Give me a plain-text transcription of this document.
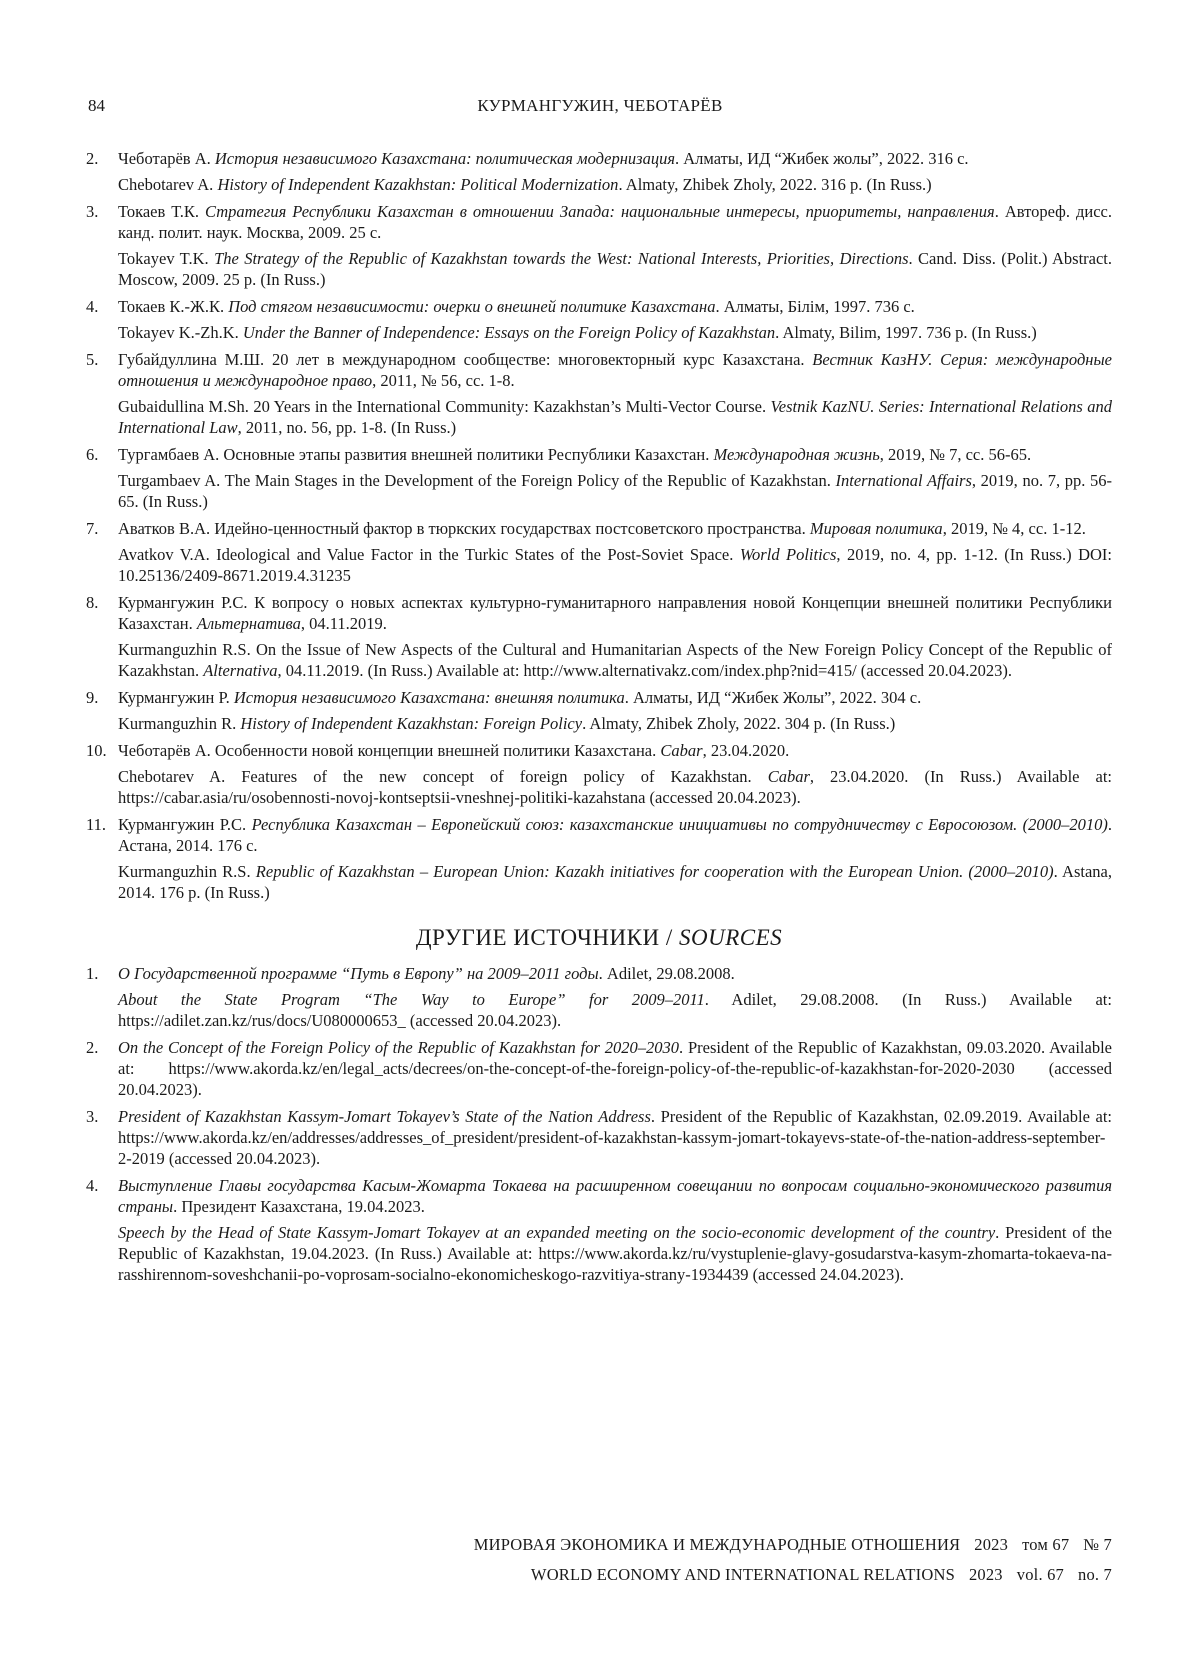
84	КУРМАНГУЖИН, ЧЕБОТАРЁВ
2. Чеботарёв А. История независимого Казахстана: политическая модернизация. Алматы, ИД “Жибек жолы”, 2022. 316 с.

Chebotarev A. History of Independent Kazakhstan: Political Modernization. Almaty, Zhibek Zholy, 2022. 316 p. (In Russ.)

3. Токаев Т.К. Стратегия Республики Казахстан в отношении Запада: национальные интересы, приоритеты, направления. Автореф. дисс. канд. полит. наук. Москва, 2009. 25 с.

Tokayev T.K. The Strategy of the Republic of Kazakhstan towards the West: National Interests, Priorities, Directions. Cand. Diss. (Polit.) Abstract. Moscow, 2009. 25 p. (In Russ.)

4. Токаев К.-Ж.К. Под стягом независимости: очерки о внешней политике Казахстана. Алматы, Білім, 1997. 736 с.

Tokayev K.-Zh.K. Under the Banner of Independence: Essays on the Foreign Policy of Kazakhstan. Almaty, Bilim, 1997. 736 p. (In Russ.)

5. Губайдуллина М.Ш. 20 лет в международном сообществе: многовекторный курс Казахстана. Вестник КазНУ. Серия: международные отношения и международное право, 2011, № 56, сс. 1-8.

Gubaidullina M.Sh. 20 Years in the International Community: Kazakhstan’s Multi-Vector Course. Vestnik KazNU. Series: International Relations and International Law, 2011, no. 56, pp. 1-8. (In Russ.)

6. Тургамбаев А. Основные этапы развития внешней политики Республики Казахстан. Международная жизнь, 2019, № 7, сс. 56-65.

Turgambaev A. The Main Stages in the Development of the Foreign Policy of the Republic of Kazakhstan. International Affairs, 2019, no. 7, pp. 56-65. (In Russ.)

7. Аватков В.А. Идейно-ценностный фактор в тюркских государствах постсоветского пространства. Мировая политика, 2019, № 4, сс. 1-12.

Avatkov V.A. Ideological and Value Factor in the Turkic States of the Post-Soviet Space. World Politics, 2019, no. 4, pp. 1-12. (In Russ.) DOI: 10.25136/2409-8671.2019.4.31235

8. Курмангужин Р.С. К вопросу о новых аспектах культурно-гуманитарного направления новой Концепции внешней политики Республики Казахстан. Альтернатива, 04.11.2019.

Kurmanguzhin R.S. On the Issue of New Aspects of the Cultural and Humanitarian Aspects of the New Foreign Policy Concept of the Republic of Kazakhstan. Alternativa, 04.11.2019. (In Russ.) Available at: http://www.alternativakz.com/index.php?nid=415/ (accessed 20.04.2023).

9. Курмангужин Р. История независимого Казахстана: внешняя политика. Алматы, ИД “Жибек Жолы”, 2022. 304 с.

Kurmanguzhin R. History of Independent Kazakhstan: Foreign Policy. Almaty, Zhibek Zholy, 2022. 304 p. (In Russ.)

10. Чеботарёв А. Особенности новой концепции внешней политики Казахстана. Cabar, 23.04.2020.

Chebotarev A. Features of the new concept of foreign policy of Kazakhstan. Cabar, 23.04.2020. (In Russ.) Available at: https://cabar.asia/ru/osobennosti-novoj-kontseptsii-vneshnej-politiki-kazahstana (accessed 20.04.2023).

11. Курмангужин Р.С. Республика Казахстан – Европейский союз: казахстанские инициативы по сотрудничеству с Евросоюзом. (2000–2010). Астана, 2014. 176 с.

Kurmanguzhin R.S. Republic of Kazakhstan – European Union: Kazakh initiatives for cooperation with the European Union. (2000–2010). Astana, 2014. 176 p. (In Russ.)

ДРУГИЕ ИСТОЧНИКИ / SOURCES
1. О Государственной программе “Путь в Европу” на 2009–2011 годы. Adilet, 29.08.2008.

About the State Program “The Way to Europe” for 2009–2011. Adilet, 29.08.2008. (In Russ.) Available at: https://adilet.zan.kz/rus/docs/U080000653_ (accessed 20.04.2023).

2. On the Concept of the Foreign Policy of the Republic of Kazakhstan for 2020–2030. President of the Republic of Kazakhstan, 09.03.2020. Available at: https://www.akorda.kz/en/legal_acts/decrees/on-the-concept-of-the-foreign-policy-of-the-republic-of-kazakhstan-for-2020-2030 (accessed 20.04.2023).

3. President of Kazakhstan Kassym-Jomart Tokayev’s State of the Nation Address. President of the Republic of Kazakhstan, 02.09.2019. Available at: https://www.akorda.kz/en/addresses/addresses_of_president/president-of-kazakhstan-kassym-jomart-tokayevs-state-of-the-nation-address-september-2-2019 (accessed 20.04.2023).

4. Выступление Главы государства Касым-Жомарта Токаева на расширенном совещании по вопросам социально-экономического развития страны. Президент Казахстана, 19.04.2023.

Speech by the Head of State Kassym-Jomart Tokayev at an expanded meeting on the socio-economic development of the country. President of the Republic of Kazakhstan, 19.04.2023. (In Russ.) Available at: https://www.akorda.kz/ru/vystuplenie-glavy-gosudarstva-kasym-zhomarta-tokaeva-na-rasshirennom-soveshchanii-po-voprosam-socialno-ekonomicheskogo-razvitiya-strany-1934439 (accessed 24.04.2023).

МИРОВАЯ ЭКОНОМИКА И МЕЖДУНАРОДНЫЕ ОТНОШЕНИЯ 2023 том 67 № 7
WORLD ECONOMY AND INTERNATIONAL RELATIONS 2023 vol. 67 no. 7
